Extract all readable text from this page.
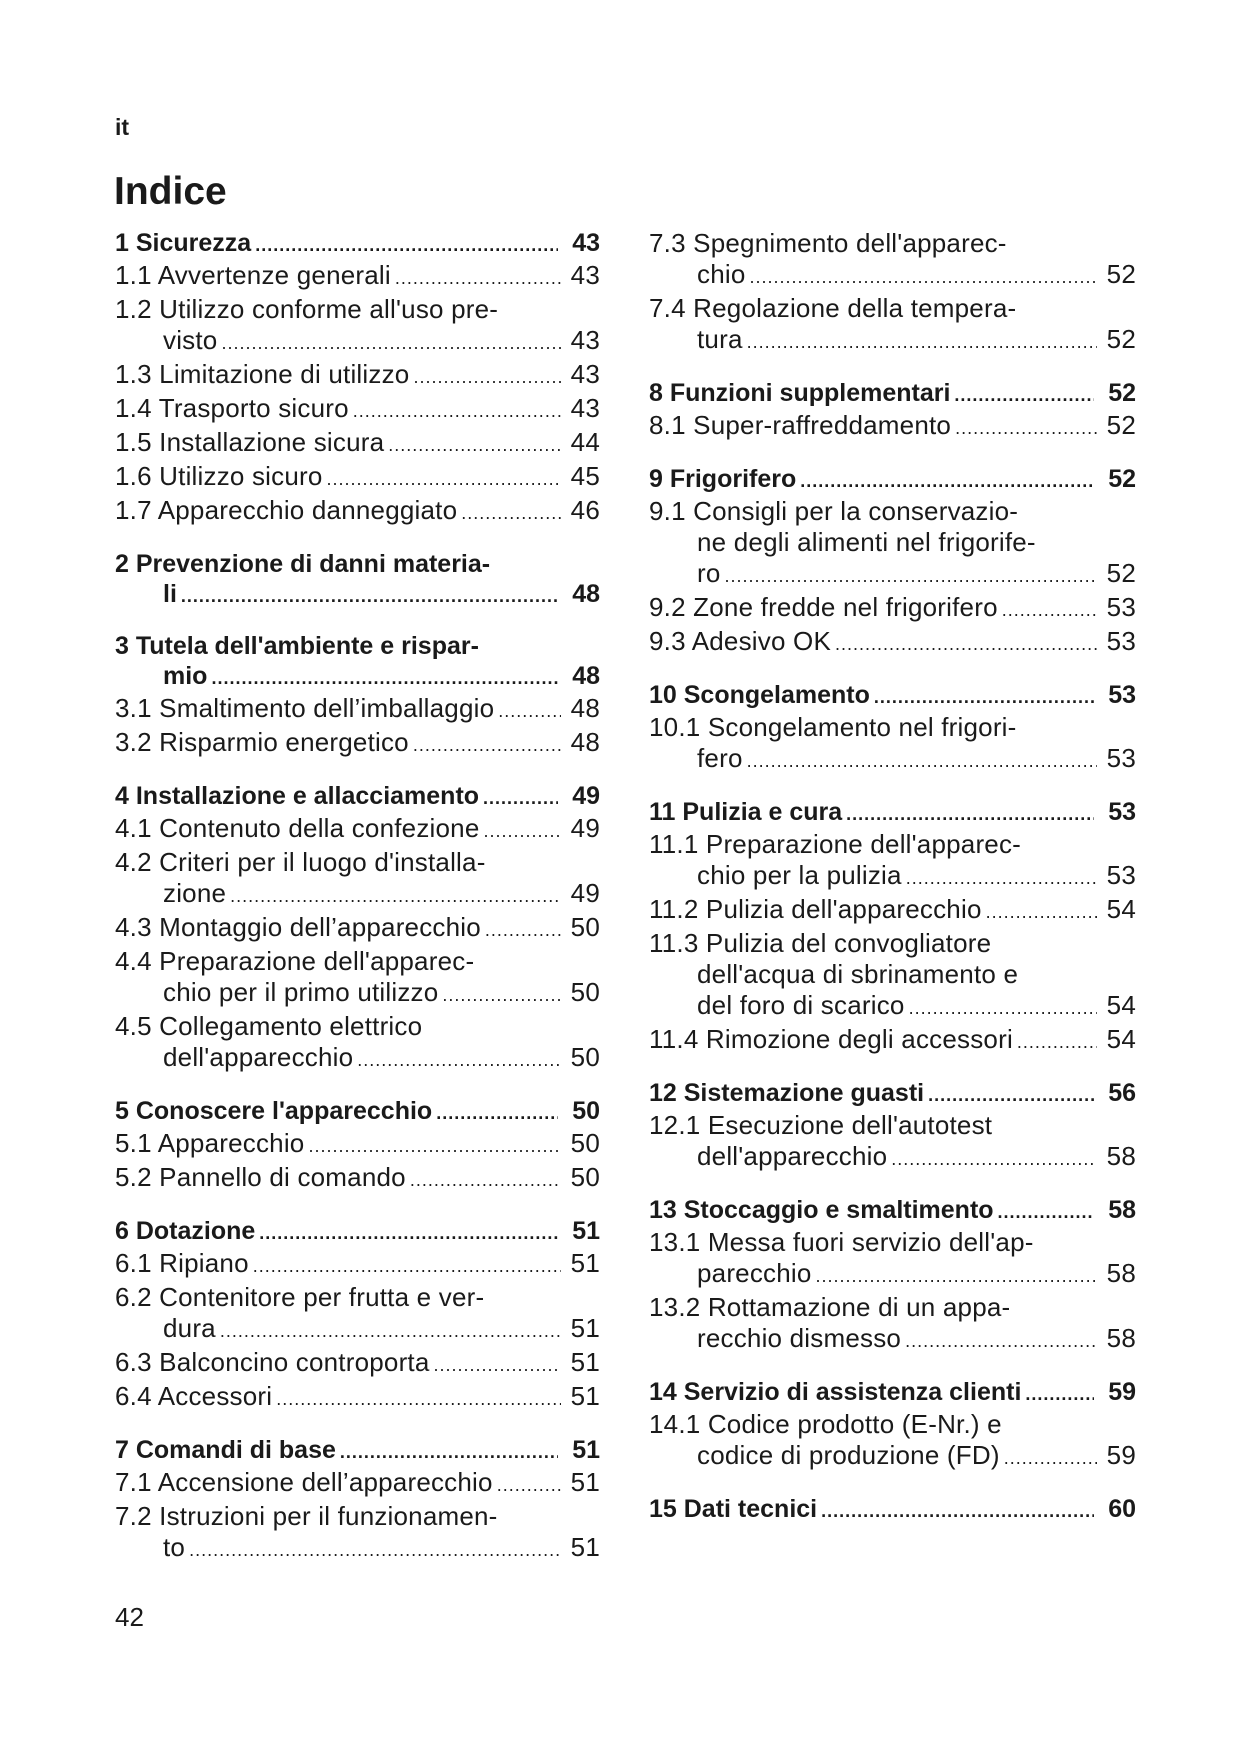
it
Indice
1 Sicurezza .....	43
1.1 Avvertenze generali .....	43
1.2 Utilizzo conforme all'uso pre-
visto .....	43
1.3 Limitazione di utilizzo .....	43
1.4 Trasporto sicuro .....	43
1.5 Installazione sicura .....	44
1.6 Utilizzo sicuro .....	45
1.7 Apparecchio danneggiato .....	46
2 Prevenzione di danni materia-
li .....	48
3 Tutela dell'ambiente e rispar-
mio .....	48
3.1 Smaltimento dell’imballaggio .....	48
3.2 Risparmio energetico .....	48
4 Installazione e allacciamento .....	49
4.1 Contenuto della confezione .....	49
4.2 Criteri per il luogo d'installa-
zione .....	49
4.3 Montaggio dell’apparecchio .....	50
4.4 Preparazione dell'apparec-
chio per il primo utilizzo .....	50
4.5 Collegamento elettrico
dell'apparecchio .....	50
5 Conoscere l'apparecchio .....	50
5.1 Apparecchio .....	50
5.2 Pannello di comando .....	50
6 Dotazione .....	51
6.1 Ripiano .....	51
6.2 Contenitore per frutta e ver-
dura .....	51
6.3 Balconcino controporta .....	51
6.4 Accessori .....	51
7 Comandi di base .....	51
7.1 Accensione dell’apparecchio .....	51
7.2 Istruzioni per il funzionamen-
to .....	51
7.3 Spegnimento dell'apparec-
chio .....	52
7.4 Regolazione della tempera-
tura .....	52
8 Funzioni supplementari .....	52
8.1 Super-raffreddamento .....	52
9 Frigorifero .....	52
9.1 Consigli per la conservazio-
ne degli alimenti nel frigorife-
ro .....	52
9.2 Zone fredde nel frigorifero .....	53
9.3 Adesivo OK .....	53
10 Scongelamento .....	53
10.1 Scongelamento nel frigori-
fero .....	53
11 Pulizia e cura .....	53
11.1 Preparazione dell'apparec-
chio per la pulizia .....	53
11.2 Pulizia dell'apparecchio .....	54
11.3 Pulizia del convogliatore
dell'acqua di sbrinamento e
del foro di scarico .....	54
11.4 Rimozione degli accessori .....	54
12 Sistemazione guasti .....	56
12.1 Esecuzione dell'autotest
dell'apparecchio .....	58
13 Stoccaggio e smaltimento .....	58
13.1 Messa fuori servizio dell'ap-
parecchio .....	58
13.2 Rottamazione di un appa-
recchio dismesso .....	58
14 Servizio di assistenza clienti .....	59
14.1 Codice prodotto (E-Nr.) e
codice di produzione (FD) .....	59
15 Dati tecnici .....	60
42
